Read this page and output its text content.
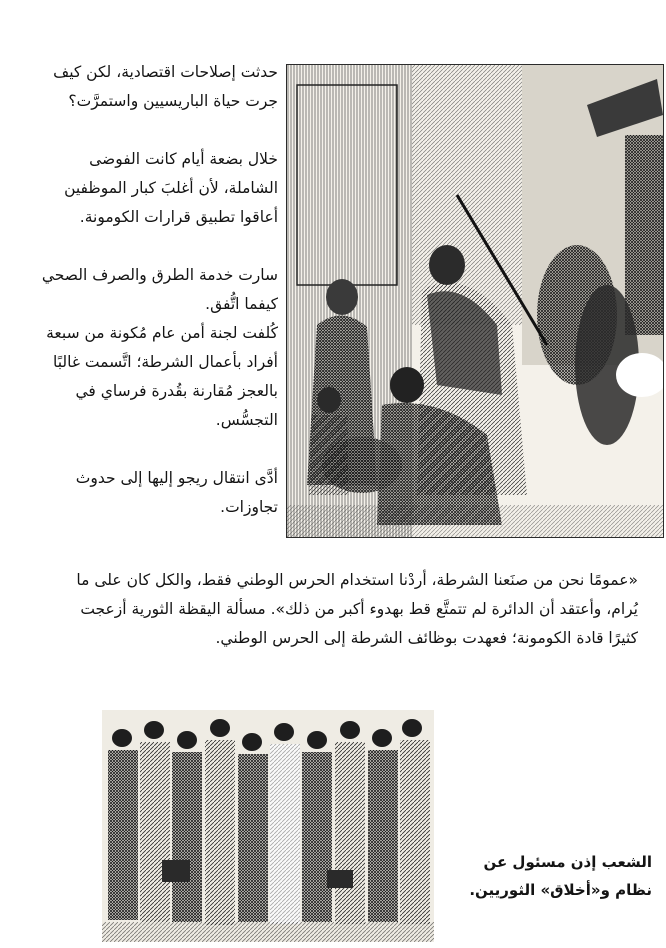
حدثت إصلاحات اقتصادية، لكن كيف جرت حياة الباريسيين واستمرَّت؟

خلال بضعة أيام كانت الفوضى الشاملة، لأن أغلبَ كبار الموظفين أعاقوا تطبيق قرارات الكومونة.

سارت خدمة الطرق والصرف الصحي كيفما اتُّفق.

كُلفت لجنة أمن عام مُكونة من سبعة أفراد بأعمال الشرطة؛ اتَّسمت غالبًا بالعجز مُقارنة بقُدرة فرساي في التجسُّس.

أدَّى انتقال ريجو إليها إلى حدوث تجاوزات.

«عمومًا نحن من صنَعنا الشرطة، أردْنا استخدام الحرس الوطني فقط، والكل كان على ما يُرام، وأعتقد أن الدائرة لم تتمتَّع قط بهدوء أكبر من ذلك». مسألة اليقظة الثورية أزعجت كثيرًا قادة الكومونة؛ فعهدت بوظائف الشرطة إلى الحرس الوطني.
الشعب إذن مسئول عن
نظام و«أخلاق» الثوريين.
